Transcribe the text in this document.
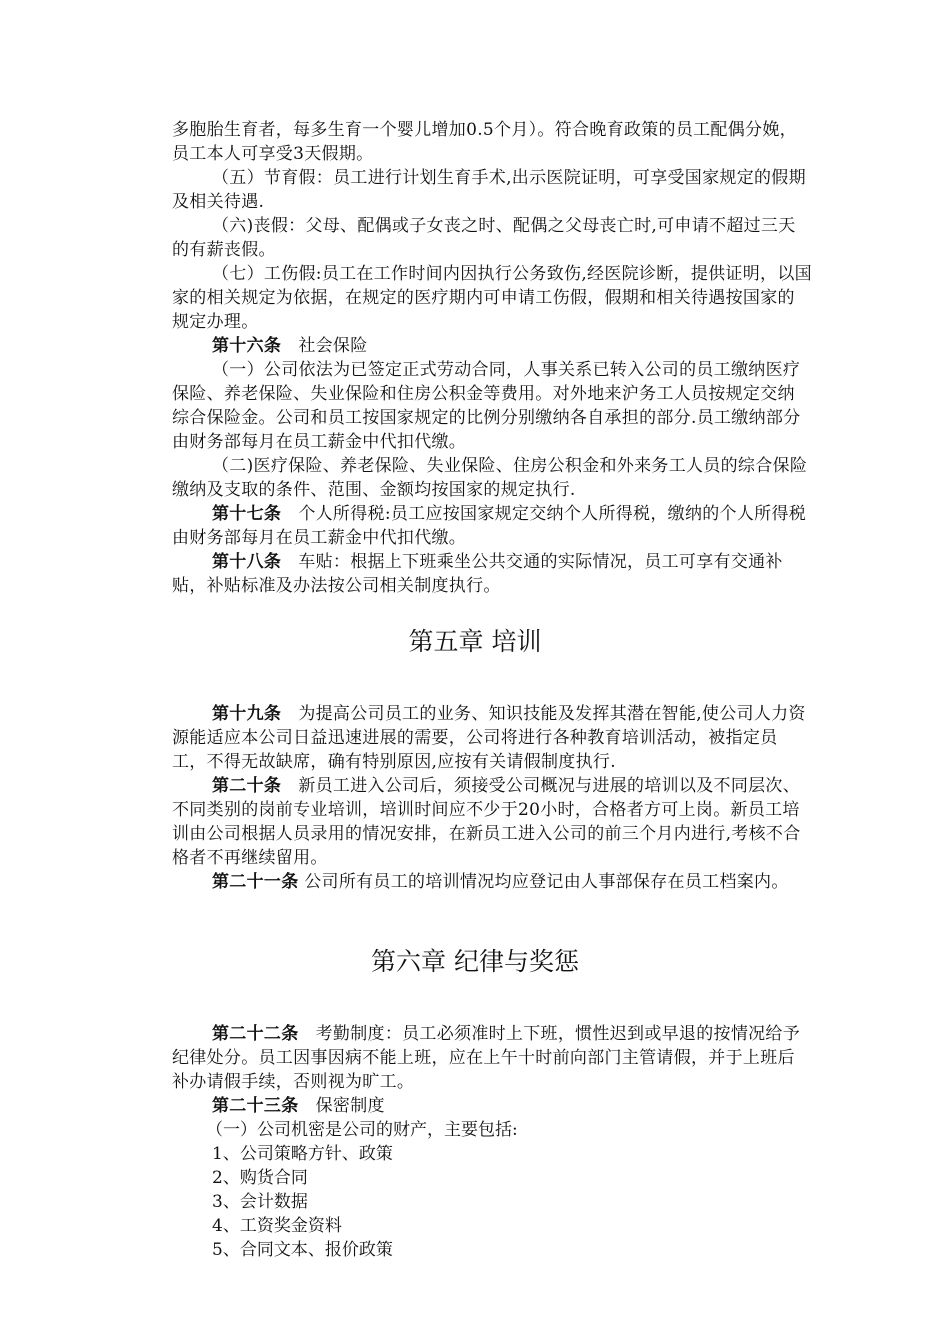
多胞胎生育者，每多生育一个婴儿增加0.5个月）。符合晚育政策的员工配偶分娩，员工本人可享受3天假期。
（五）节育假：员工进行计划生育手术,出示医院证明，可享受国家规定的假期及相关待遇.
（六)丧假：父母、配偶或子女丧之时、配偶之父母丧亡时,可申请不超过三天的有薪丧假。
（七）工伤假:员工在工作时间内因执行公务致伤,经医院诊断，提供证明，以国家的相关规定为依据，在规定的医疗期内可申请工伤假，假期和相关待遇按国家的规定办理。
第十六条 社会保险
（一）公司依法为已签定正式劳动合同，人事关系已转入公司的员工缴纳医疗保险、养老保险、失业保险和住房公积金等费用。对外地来沪务工人员按规定交纳综合保险金。公司和员工按国家规定的比例分别缴纳各自承担的部分.员工缴纳部分由财务部每月在员工薪金中代扣代缴。
（二)医疗保险、养老保险、失业保险、住房公积金和外来务工人员的综合保险缴纳及支取的条件、范围、金额均按国家的规定执行.
第十七条 个人所得税:员工应按国家规定交纳个人所得税，缴纳的个人所得税由财务部每月在员工薪金中代扣代缴。
第十八条 车贴：根据上下班乘坐公共交通的实际情况，员工可享有交通补贴，补贴标准及办法按公司相关制度执行。
第五章 培训
第十九条 为提高公司员工的业务、知识技能及发挥其潜在智能,使公司人力资源能适应本公司日益迅速进展的需要，公司将进行各种教育培训活动，被指定员工，不得无故缺席，确有特别原因,应按有关请假制度执行.
第二十条 新员工进入公司后，须接受公司概况与进展的培训以及不同层次、不同类别的岗前专业培训，培训时间应不少于20小时，合格者方可上岗。新员工培训由公司根据人员录用的情况安排，在新员工进入公司的前三个月内进行,考核不合格者不再继续留用。
第二十一条 公司所有员工的培训情况均应登记由人事部保存在员工档案内。
第六章 纪律与奖惩
第二十二条 考勤制度：员工必须准时上下班，惯性迟到或早退的按情况给予纪律处分。员工因事因病不能上班，应在上午十时前向部门主管请假，并于上班后补办请假手续，否则视为旷工。
第二十三条 保密制度
（一）公司机密是公司的财产，主要包括:
1、公司策略方针、政策
2、购货合同
3、会计数据
4、工资奖金资料
5、合同文本、报价政策
